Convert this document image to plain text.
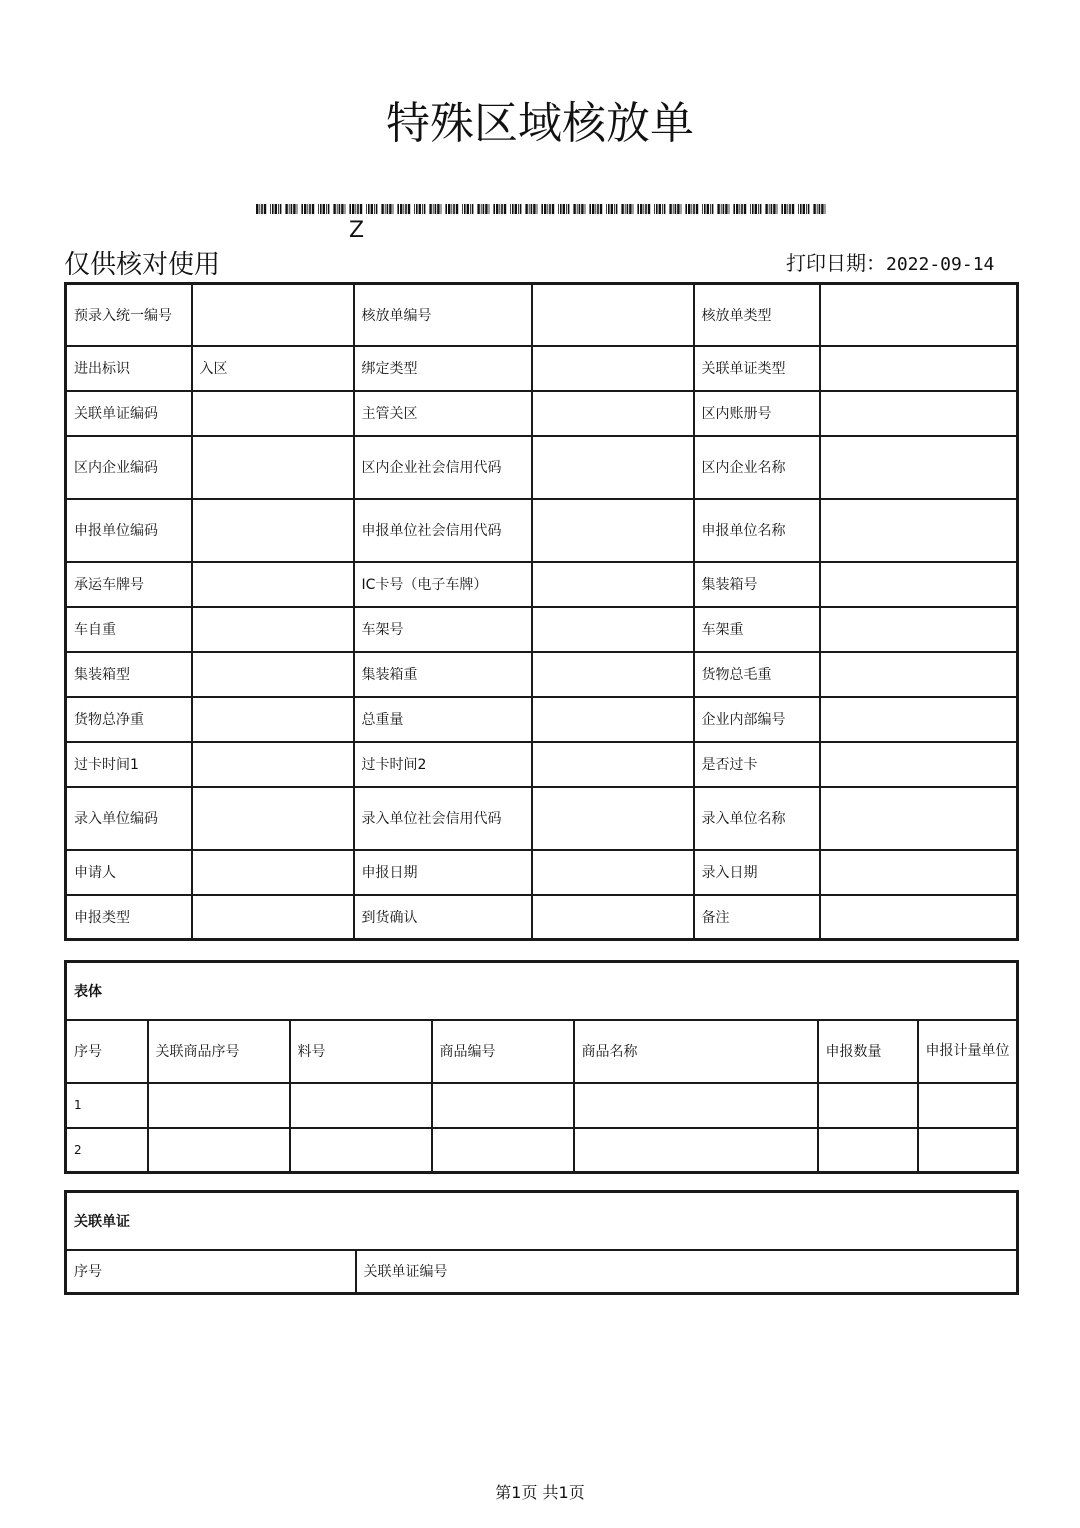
特殊区域核放单
Z
仅供核对使用	打印日期：2022-09-14
预录入统一编号		核放单编号		核放单类型	
进出标识	入区	绑定类型		关联单证类型	
关联单证编码		主管关区		区内账册号	
区内企业编码		区内企业社会信用代码		区内企业名称	
申报单位编码		申报单位社会信用代码		申报单位名称	
承运车牌号		IC卡号（电子车牌）		集装箱号	
车自重		车架号		车架重	
集装箱型		集装箱重		货物总毛重	
货物总净重		总重量		企业内部编号	
过卡时间1		过卡时间2		是否过卡	
录入单位编码		录入单位社会信用代码		录入单位名称	
申请人		申报日期		录入日期	
申报类型		到货确认		备注	
表体						
序号	关联商品序号	料号	商品编号	商品名称	申报数量	申报计量单位
1						
2						
关联单证
序号	关联单证编号
第1页 共1页
